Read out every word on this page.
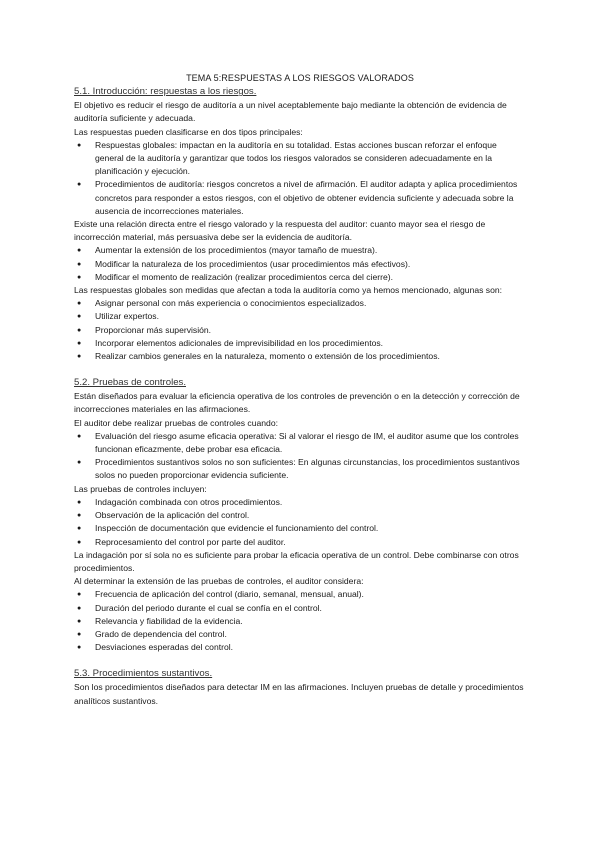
TEMA 5:RESPUESTAS A LOS RIESGOS VALORADOS
5.1. Introducción: respuestas a los riesgos.

El objetivo es reducir el riesgo de auditoría a un nivel aceptablemente bajo mediante la obtención de evidencia de auditoría suficiente y adecuada.

Las respuestas pueden clasificarse en dos tipos principales:

● Respuestas globales: impactan en la auditoría en su totalidad. Estas acciones buscan reforzar el enfoque general de la auditoría y garantizar que todos los riesgos valorados se consideren adecuadamente en la planificación y ejecución.
● Procedimientos de auditoría: riesgos concretos a nivel de afirmación. El auditor adapta y aplica procedimientos concretos para responder a estos riesgos, con el objetivo de obtener evidencia suficiente y adecuada sobre la ausencia de incorrecciones materiales.

Existe una relación directa entre el riesgo valorado y la respuesta del auditor: cuanto mayor sea el riesgo de incorrección material, más persuasiva debe ser la evidencia de auditoría.

● Aumentar la extensión de los procedimientos (mayor tamaño de muestra).
● Modificar la naturaleza de los procedimientos (usar procedimientos más efectivos).
● Modificar el momento de realización (realizar procedimientos cerca del cierre).

Las respuestas globales son medidas que afectan a toda la auditoría como ya hemos mencionado, algunas son:

● Asignar personal con más experiencia o conocimientos especializados.
● Utilizar expertos.
● Proporcionar más supervisión.
● Incorporar elementos adicionales de imprevisibilidad en los procedimientos.
● Realizar cambios generales en la naturaleza, momento o extensión de los procedimientos.
5.2. Pruebas de controles.

Están diseñados para evaluar la eficiencia operativa de los controles de prevención o en la detección y corrección de incorrecciones materiales en las afirmaciones.

El auditor debe realizar pruebas de controles cuando:

● Evaluación del riesgo asume eficacia operativa: Si al valorar el riesgo de IM, el auditor asume que los controles funcionan eficazmente, debe probar esa eficacia.
● Procedimientos sustantivos solos no son suficientes: En algunas circunstancias, los procedimientos sustantivos solos no pueden proporcionar evidencia suficiente.

Las pruebas de controles incluyen:

● Indagación combinada con otros procedimientos.
● Observación de la aplicación del control.
● Inspección de documentación que evidencie el funcionamiento del control.
● Reprocesamiento del control por parte del auditor.

La indagación por sí sola no es suficiente para probar la eficacia operativa de un control. Debe combinarse con otros procedimientos.

Al determinar la extensión de las pruebas de controles, el auditor considera:

● Frecuencia de aplicación del control (diario, semanal, mensual, anual).
● Duración del periodo durante el cual se confía en el control.
● Relevancia y fiabilidad de la evidencia.
● Grado de dependencia del control.
● Desviaciones esperadas del control.
5.3. Procedimientos sustantivos.

Son los procedimientos diseñados para detectar IM en las afirmaciones. Incluyen pruebas de detalle y procedimientos analíticos sustantivos.
